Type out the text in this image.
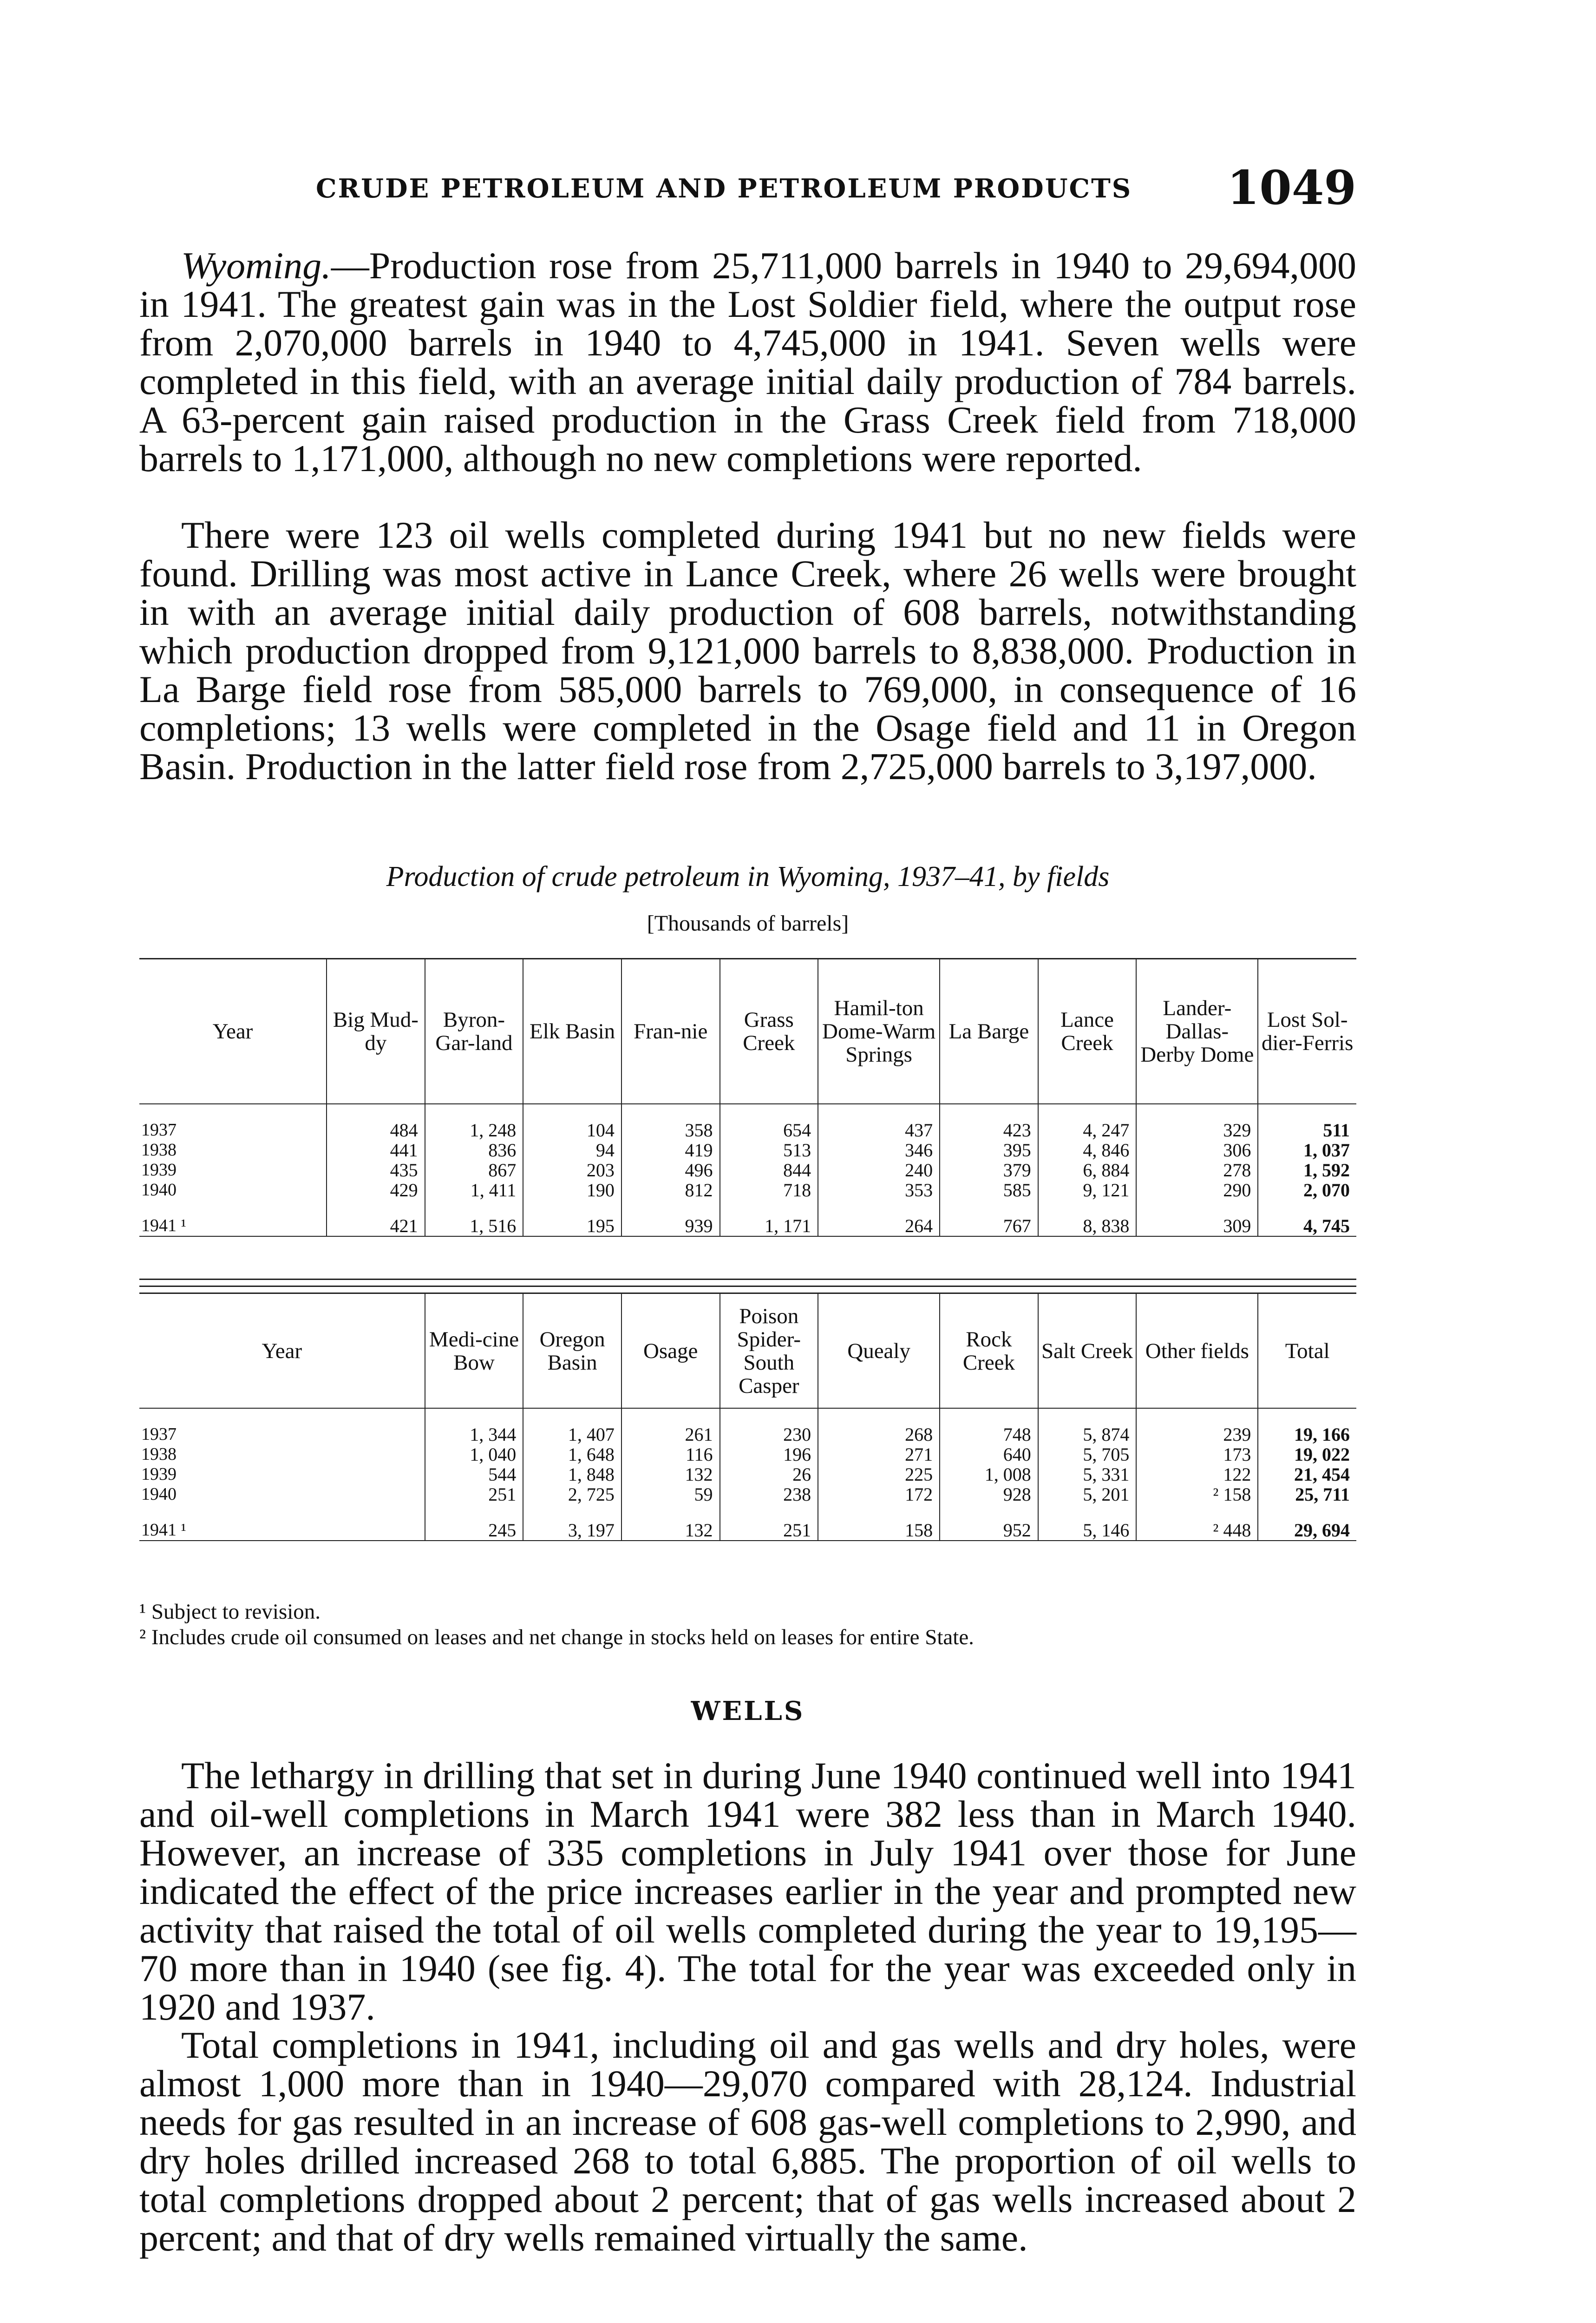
CRUDE PETROLEUM AND PETROLEUM PRODUCTS 1049

Wyoming.—Production rose from 25,711,000 barrels in 1940 to 29,694,000 in 1941. The greatest gain was in the Lost Soldier field, where the output rose from 2,070,000 barrels in 1940 to 4,745,000 in 1941. Seven wells were completed in this field, with an average initial daily production of 784 barrels. A 63-percent gain raised production in the Grass Creek field from 718,000 barrels to 1,171,000, although no new completions were reported.

There were 123 oil wells completed during 1941 but no new fields were found. Drilling was most active in Lance Creek, where 26 wells were brought in with an average initial daily production of 608 barrels, notwithstanding which production dropped from 9,121,000 barrels to 8,838,000. Production in La Barge field rose from 585,000 barrels to 769,000, in consequence of 16 completions; 13 wells were completed in the Osage field and 11 in Oregon Basin. Production in the latter field rose from 2,725,000 barrels to 3,197,000.

Production of crude petroleum in Wyoming, 1937–41, by fields
[Thousands of barrels]
Year	Big Mud-dy	Byron-Gar-land	Elk Basin	Fran-nie	Grass Creek	Hamil-ton Dome-Warm Springs	La Barge	Lance Creek	Lander-Dallas-Derby Dome	Lost Sol-dier-Ferris

1937	484	1, 248	104	358	654	437	423	4, 247	329	511
1938	441	836	94	419	513	346	395	4, 846	306	1, 037
1939	435	867	203	496	844	240	379	6, 884	278	1, 592
1940	429	1, 411	190	812	718	353	585	9, 121	290	2, 070

1941 ¹	421	1, 516	195	939	1, 171	264	767	8, 838	309	4, 745
Year	Medi-cine Bow	Oregon Basin	Osage	Poison Spider-South Casper	Quealy	Rock Creek	Salt Creek	Other fields	Total

1937	1, 344	1, 407	261	230	268	748	5, 874	239	19, 166
1938	1, 040	1, 648	116	196	271	640	5, 705	173	19, 022
1939	544	1, 848	132	26	225	1, 008	5, 331	122	21, 454
1940	251	2, 725	59	238	172	928	5, 201	² 158	25, 711

1941 ¹	245	3, 197	132	251	158	952	5, 146	² 448	29, 694
¹ Subject to revision.
² Includes crude oil consumed on leases and net change in stocks held on leases for entire State.
WELLS

The lethargy in drilling that set in during June 1940 continued well into 1941 and oil-well completions in March 1941 were 382 less than in March 1940. However, an increase of 335 completions in July 1941 over those for June indicated the effect of the price increases earlier in the year and prompted new activity that raised the total of oil wells completed during the year to 19,195—70 more than in 1940 (see fig. 4). The total for the year was exceeded only in 1920 and 1937.

Total completions in 1941, including oil and gas wells and dry holes, were almost 1,000 more than in 1940—29,070 compared with 28,124. Industrial needs for gas resulted in an increase of 608 gas-well completions to 2,990, and dry holes drilled increased 268 to total 6,885. The proportion of oil wells to total completions dropped about 2 percent; that of gas wells increased about 2 percent; and that of dry wells remained virtually the same.
